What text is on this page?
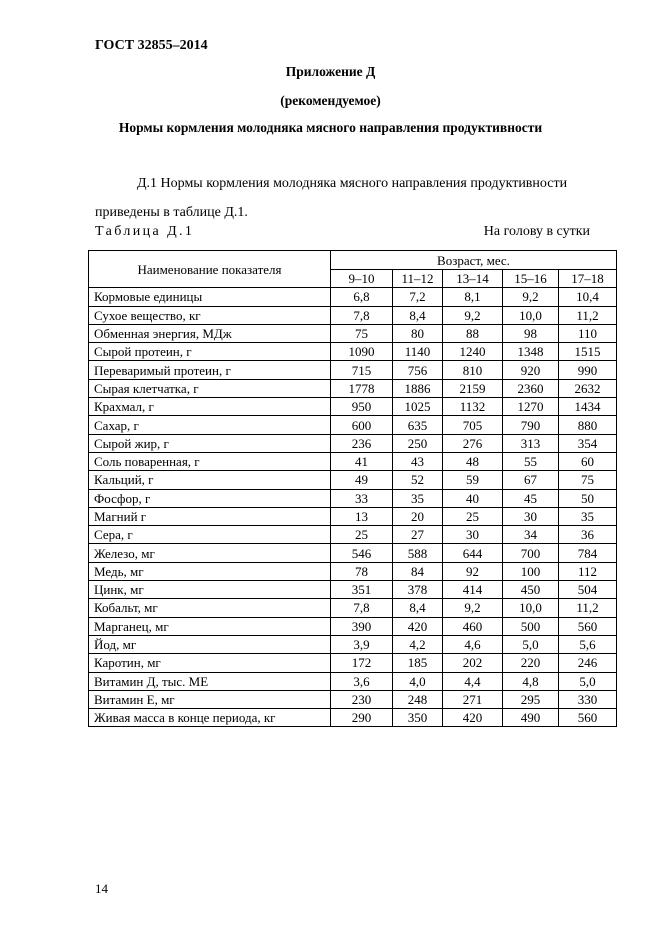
ГОСТ 32855–2014
Приложение Д
(рекомендуемое)
Нормы кормления молодняка мясного направления продуктивности
Д.1 Нормы кормления молодняка мясного направления продуктивности
приведены в таблице Д.1.
Таблица Д.1	На голову в сутки
Наименование показателя	Возраст, мес.				
	9–10	11–12	13–14	15–16	17–18
Кормовые единицы	6,8	7,2	8,1	9,2	10,4
Сухое вещество, кг	7,8	8,4	9,2	10,0	11,2
Обменная энергия, МДж	75	80	88	98	110
Сырой протеин, г	1090	1140	1240	1348	1515
Переваримый протеин, г	715	756	810	920	990
Сырая клетчатка, г	1778	1886	2159	2360	2632
Крахмал, г	950	1025	1132	1270	1434
Сахар, г	600	635	705	790	880
Сырой жир, г	236	250	276	313	354
Соль поваренная, г	41	43	48	55	60
Кальций, г	49	52	59	67	75
Фосфор, г	33	35	40	45	50
Магний г	13	20	25	30	35
Сера, г	25	27	30	34	36
Железо, мг	546	588	644	700	784
Медь, мг	78	84	92	100	112
Цинк, мг	351	378	414	450	504
Кобальт, мг	7,8	8,4	9,2	10,0	11,2
Марганец, мг	390	420	460	500	560
Йод, мг	3,9	4,2	4,6	5,0	5,6
Каротин, мг	172	185	202	220	246
Витамин Д, тыс. МЕ	3,6	4,0	4,4	4,8	5,0
Витамин Е, мг	230	248	271	295	330
Живая масса в конце периода, кг	290	350	420	490	560
14
